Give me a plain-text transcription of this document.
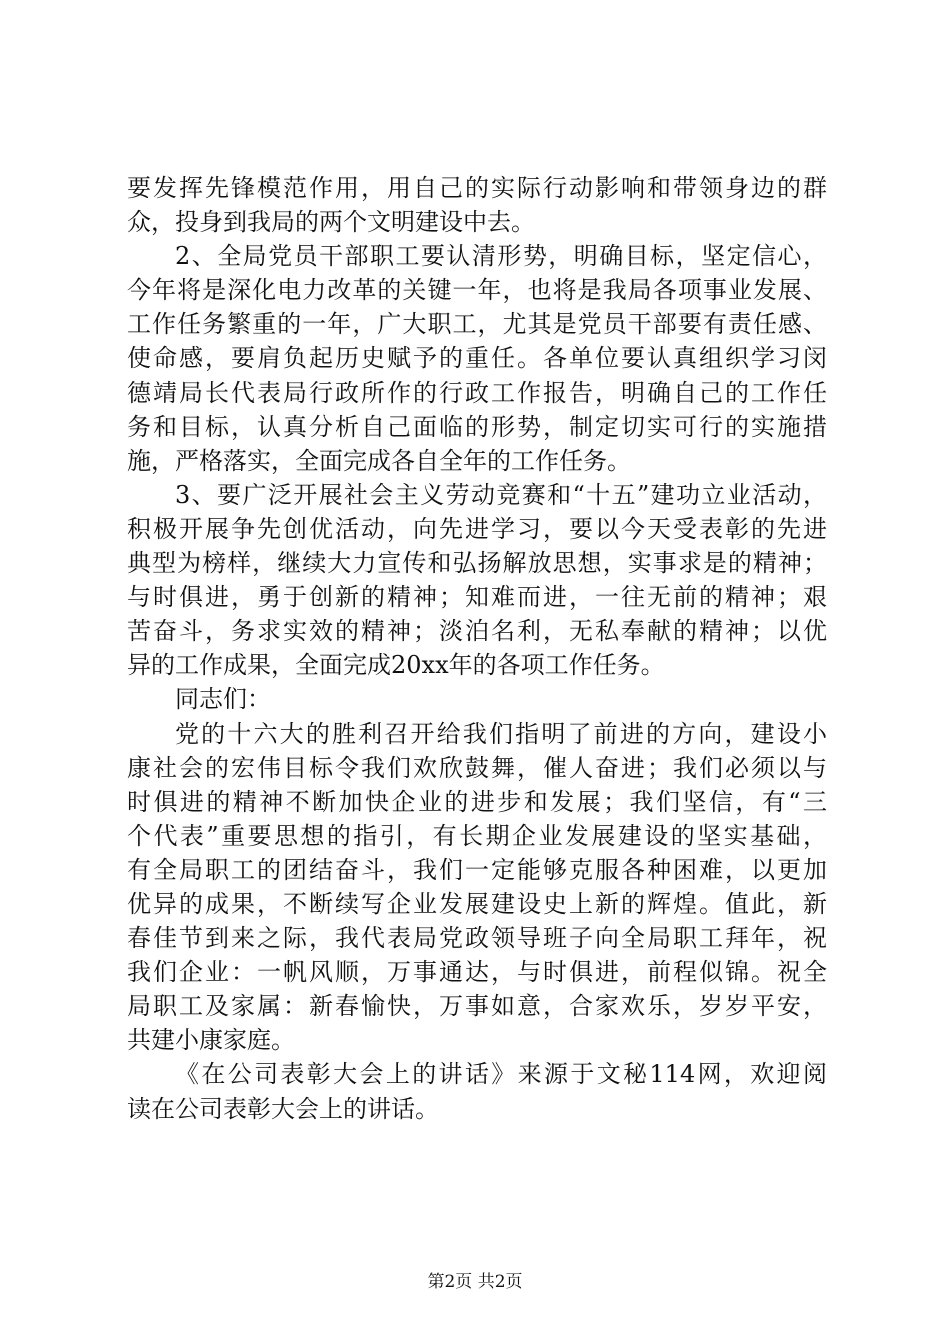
要发挥先锋模范作用，用自己的实际行动影响和带领身边的群
众，投身到我局的两个文明建设中去。
2、全局党员干部职工要认清形势，明确目标，坚定信心，
今年将是深化电力改革的关键一年，也将是我局各项事业发展、
工作任务繁重的一年，广大职工，尤其是党员干部要有责任感、
使命感，要肩负起历史赋予的重任。各单位要认真组织学习闵
德靖局长代表局行政所作的行政工作报告，明确自己的工作任
务和目标，认真分析自己面临的形势，制定切实可行的实施措
施，严格落实，全面完成各自全年的工作任务。
3、要广泛开展社会主义劳动竞赛和“十五”建功立业活动，
积极开展争先创优活动，向先进学习，要以今天受表彰的先进
典型为榜样，继续大力宣传和弘扬解放思想，实事求是的精神；
与时俱进，勇于创新的精神；知难而进，一往无前的精神；艰
苦奋斗，务求实效的精神；淡泊名利，无私奉献的精神；以优
异的工作成果，全面完成20xx年的各项工作任务。
同志们：
党的十六大的胜利召开给我们指明了前进的方向，建设小
康社会的宏伟目标令我们欢欣鼓舞，催人奋进；我们必须以与
时俱进的精神不断加快企业的进步和发展；我们坚信，有“三
个代表”重要思想的指引，有长期企业发展建设的坚实基础，
有全局职工的团结奋斗，我们一定能够克服各种困难，以更加
优异的成果，不断续写企业发展建设史上新的辉煌。值此，新
春佳节到来之际，我代表局党政领导班子向全局职工拜年，祝
我们企业：一帆风顺，万事通达，与时俱进，前程似锦。祝全
局职工及家属：新春愉快，万事如意，合家欢乐，岁岁平安，
共建小康家庭。
《在公司表彰大会上的讲话》来源于文秘114网，欢迎阅
读在公司表彰大会上的讲话。
第2页 共2页
